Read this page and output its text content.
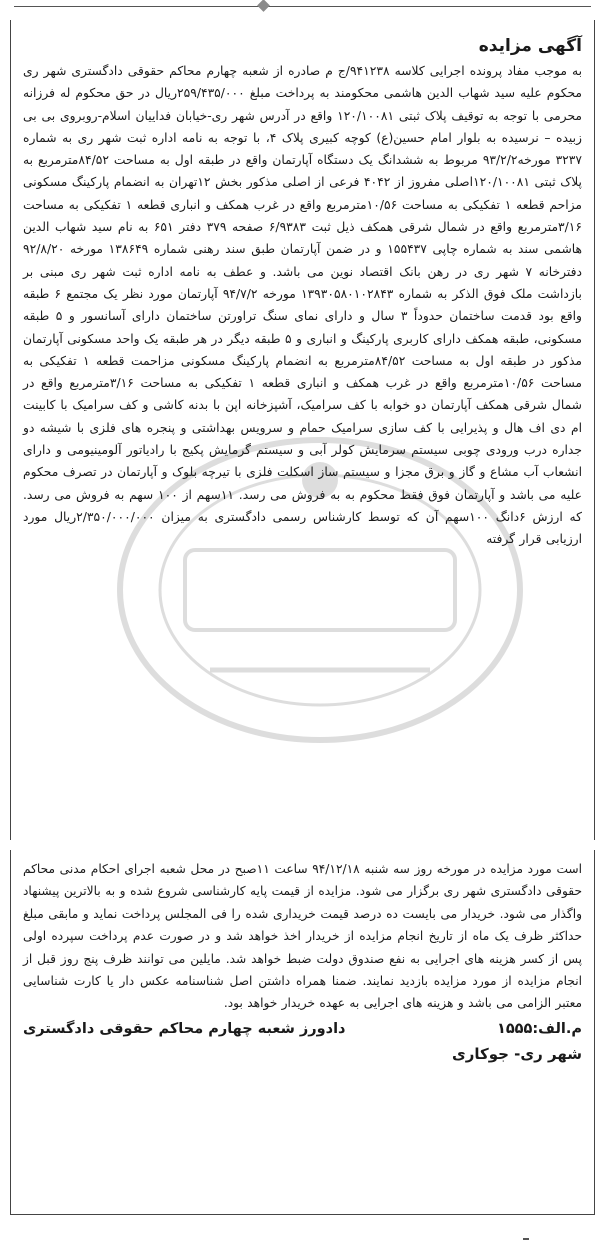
آگهی مزایده

به موجب مفاد پرونده اجرایی کلاسه ۹۴۱۲۳۸/ج م صادره از شعبه چهارم محاکم حقوقی دادگستری شهر ری محکوم علیه سید شهاب الدین هاشمی محکومند به پرداخت مبلغ ۲۵۹/۴۳۵/۰۰۰ریال در حق محکوم له فرزانه محرمی با توجه به توقیف پلاک ثبتی ۱۲۰/۱۰۰۸۱ واقع در آدرس شهر ری-خیابان فداییان اسلام-روبروی بی بی زبیده – نرسیده به بلوار امام حسین(ع) کوچه کبیری پلاک ۴، با توجه به نامه اداره ثبت شهر ری به شماره ۳۲۳۷ مورخه۹۳/۲/۲ مربوط به ششدانگ یک دستگاه آپارتمان واقع در طبقه اول به مساحت ۸۴/۵۲مترمربع به پلاک ثبتی ۱۲۰/۱۰۰۸۱اصلی مفروز از ۴۰۴۲ فرعی از اصلی مذکور بخش ۱۲تهران به انضمام پارکینگ مسکونی مزاحم قطعه ۱ تفکیکی به مساحت ۱۰/۵۶مترمربع واقع در غرب همکف و انباری قطعه ۱ تفکیکی به مساحت ۳/۱۶مترمربع واقع در شمال شرقی همکف ذیل ثبت ۶/۹۳۸۳ صفحه ۳۷۹ دفتر ۶۵۱ به نام سید شهاب الدین هاشمی سند به شماره چاپی ۱۵۵۴۳۷ و در ضمن آپارتمان طبق سند رهنی شماره ۱۳۸۶۴۹ مورخه ۹۲/۸/۲۰ دفترخانه ۷ شهر ری در رهن بانک اقتصاد نوین می باشد. و عطف به نامه اداره ثبت شهر ری مبنی بر بازداشت ملک فوق الذکر به شماره ۱۳۹۳۰۵۸۰۱۰۲۸۴۳ مورخه ۹۴/۷/۲ آپارتمان مورد نظر یک مجتمع ۶ طبقه واقع بود قدمت ساختمان حدوداً ۳ سال و دارای نمای سنگ تراورتن ساختمان دارای آسانسور و ۵ طبقه مسکونی، طبقه همکف دارای کاربری پارکینگ و انباری و ۵ طبقه دیگر در هر طبقه یک واحد مسکونی آپارتمان مذکور در طبقه اول به مساحت ۸۴/۵۲مترمربع به انضمام پارکینگ مسکونی مزاحمت قطعه ۱ تفکیکی به مساحت ۱۰/۵۶مترمربع واقع در غرب همکف و انباری قطعه ۱ تفکیکی به مساحت ۳/۱۶مترمربع واقع در شمال شرقی همکف آپارتمان دو خوابه با کف سرامیک، آشپزخانه اپن با بدنه کاشی و کف سرامیک با کابینت ام دی اف هال و پذیرایی با کف سازی سرامیک حمام و سرویس بهداشتی و پنجره های فلزی با شیشه دو جداره درب ورودی چوبی سیستم سرمایش کولر آبی و سیستم گرمایش پکیج با رادیاتور آلومینیومی و دارای انشعاب آب مشاع و گاز و برق مجزا و سیستم ساز اسکلت فلزی با تیرچه بلوک و آپارتمان در تصرف محکوم علیه می باشد و آپارتمان فوق فقط محکوم به به فروش می رسد. ۱۱سهم از ۱۰۰ سهم به فروش می رسد. که ارزش ۶دانگ ۱۰۰سهم آن که توسط کارشناس رسمی دادگستری به میزان ۲/۳۵۰/۰۰۰/۰۰۰ریال مورد ارزیابی قرار گرفته

است مورد مزایده در مورخه روز سه شنبه ۹۴/۱۲/۱۸ ساعت ۱۱صبح در محل شعبه اجرای احکام مدنی محاکم حقوقی دادگستری شهر ری برگزار می شود. مزایده از قیمت پایه کارشناسی شروع شده و به بالاترین پیشنهاد واگذار می شود. خریدار می بایست ده درصد قیمت خریداری شده را فی المجلس پرداخت نماید و مابقی مبلغ حداکثر ظرف یک ماه از تاریخ انجام مزایده از خریدار اخذ خواهد شد و در صورت عدم پرداخت سپرده اولی پس از کسر هزینه های اجرایی به نفع صندوق دولت ضبط خواهد شد. مایلین می توانند ظرف پنج روز قبل از انجام مزایده از مورد مزایده بازدید نمایند. ضمنا همراه داشتن اصل شناسنامه عکس دار یا کارت شناسایی معتبر الزامی می باشد و هزینه های اجرایی به عهده خریدار خواهد بود.

م.الف:۱۵۵۵
دادورز شعبه چهارم محاکم حقوقی دادگستری
شهر ری- جوکاری
